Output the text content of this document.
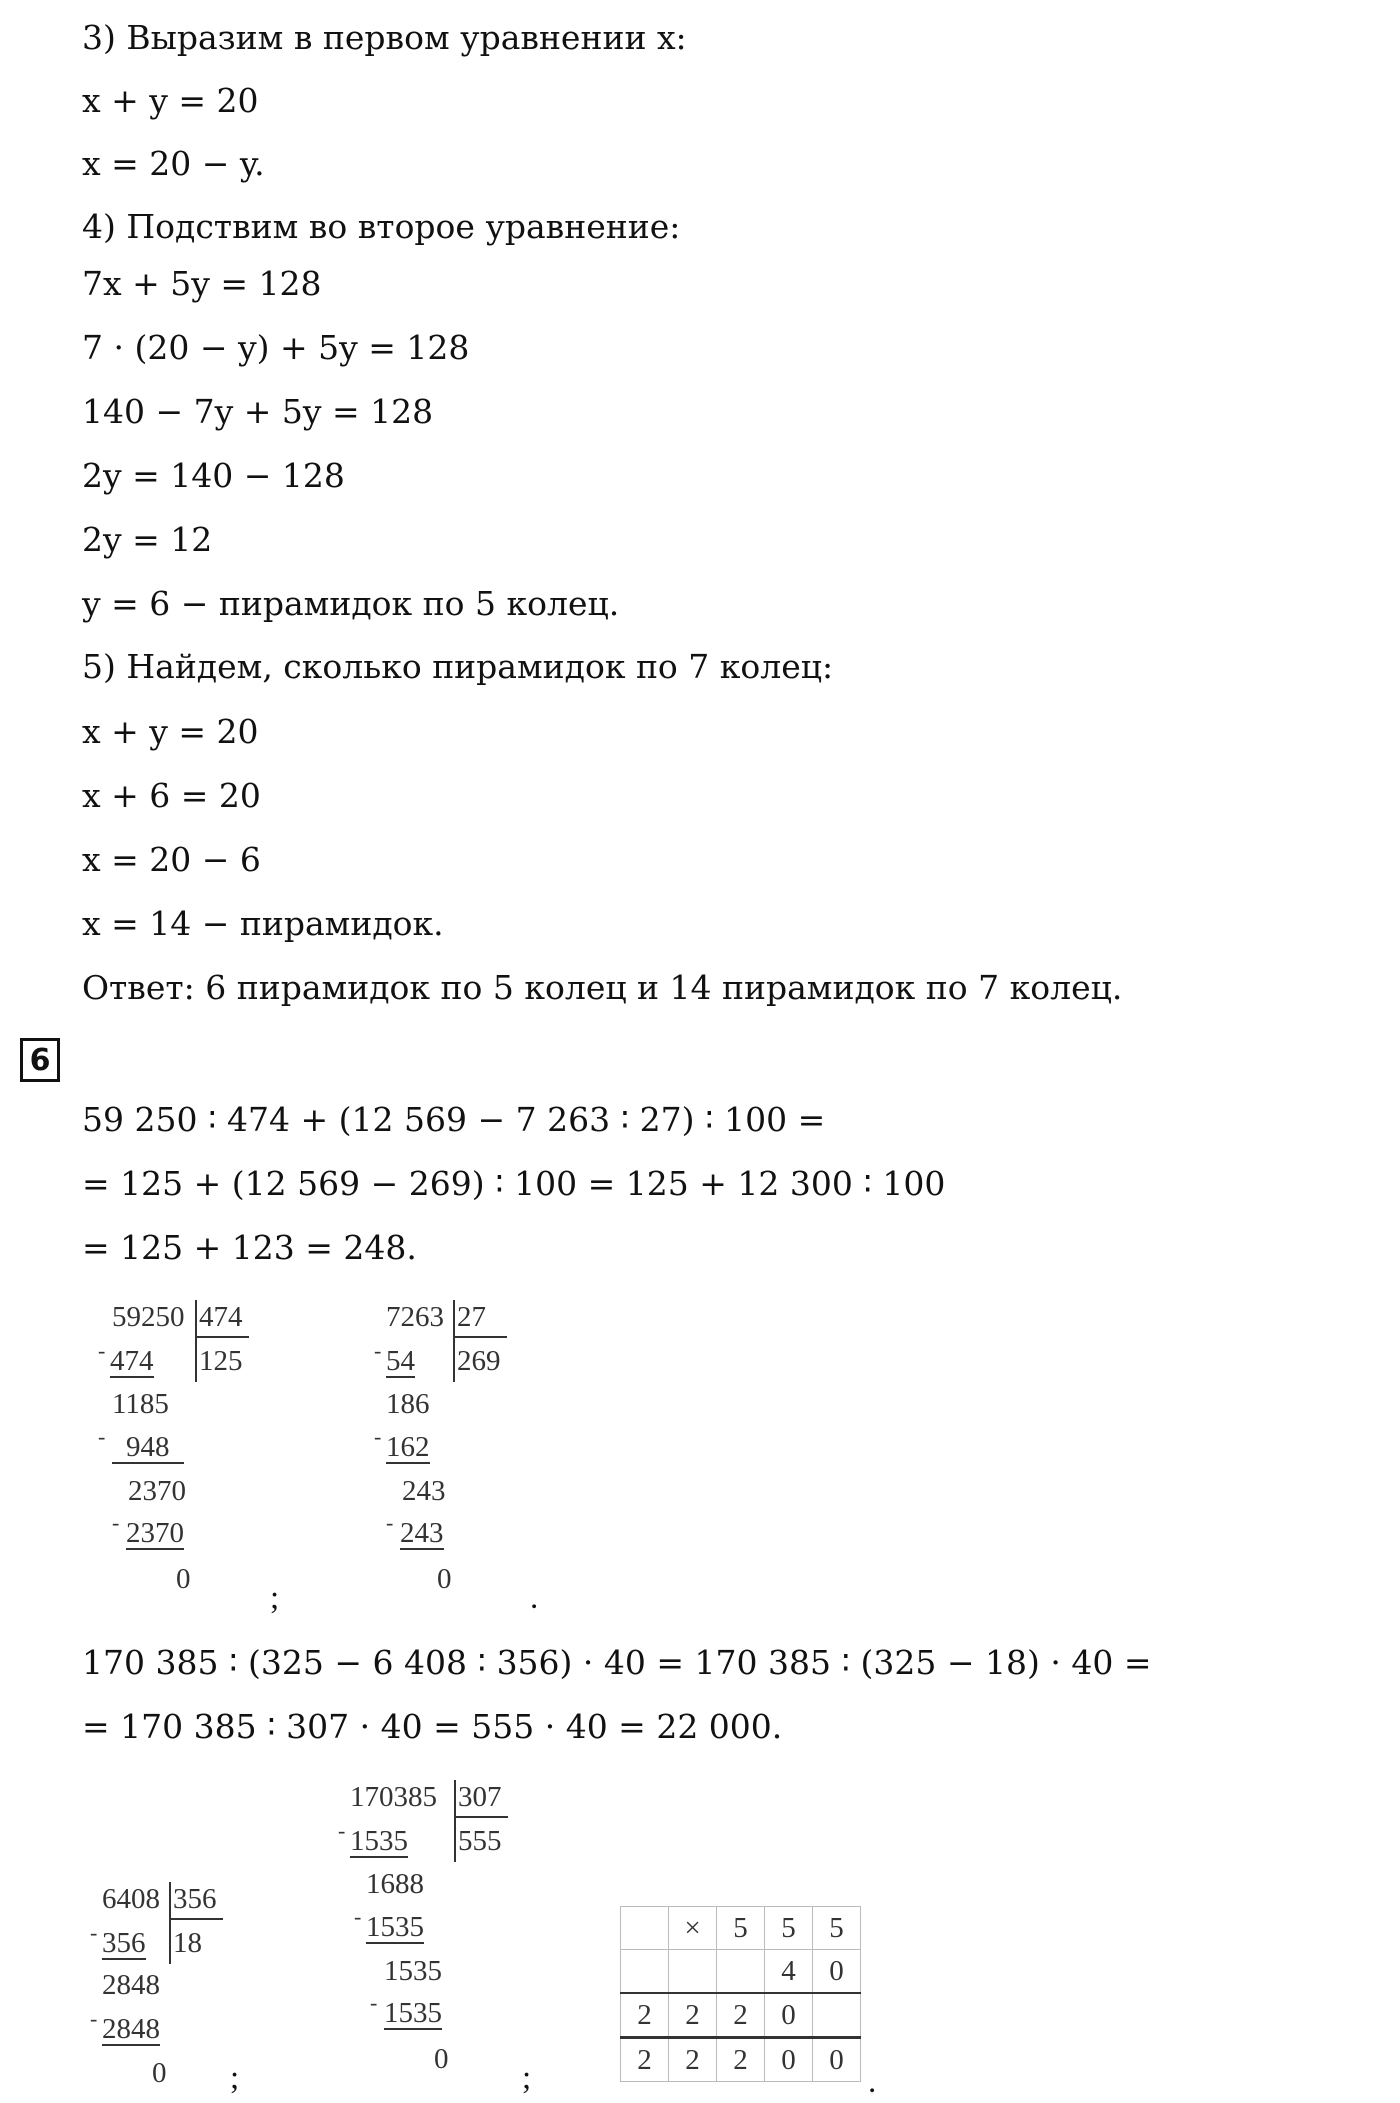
3) Выразим в первом уравнении x:
x + y = 20
x = 20 − y.
4) Подствим во второе уравнение:
7x + 5y = 128
7 · (20 − y) + 5y = 128
140 − 7y + 5y = 128
2y = 140 − 128
2y = 12
y = 6 − пирамидок по 5 колец.
5) Найдем, сколько пирамидок по 7 колец:
x + y = 20
x + 6 = 20
x = 20 − 6
x = 14 − пирамидок.
Ответ: 6 пирамидок по 5 колец и 14 пирамидок по 7 колец.
59 250 ∶ 474 + (12 569 − 7 263 ∶ 27) ∶ 100 =
= 125 + (12 569 − 269) ∶ 100 = 125 + 12 300 ∶ 100
= 125 + 123 = 248.
170 385 ∶ (325 − 6 408 ∶ 356) · 40 = 170 385 ∶ (325 − 18) · 40 =
= 170 385 ∶ 307 · 40 = 555 · 40 = 22 000.
6
59250 474
125
- 474
1185
- 948
2370
- 2370
0
7263 27
269
- 54
186
- 162
243
- 243
0
;	.
170385 307
555
- 1535
1688
- 1535
1535
- 1535
0
6408 356
18
- 356
2848
- 2848
0 ;	;
	×	5	5	5
			4	0
2	2	2	0	
2	2	2	0	0
.
